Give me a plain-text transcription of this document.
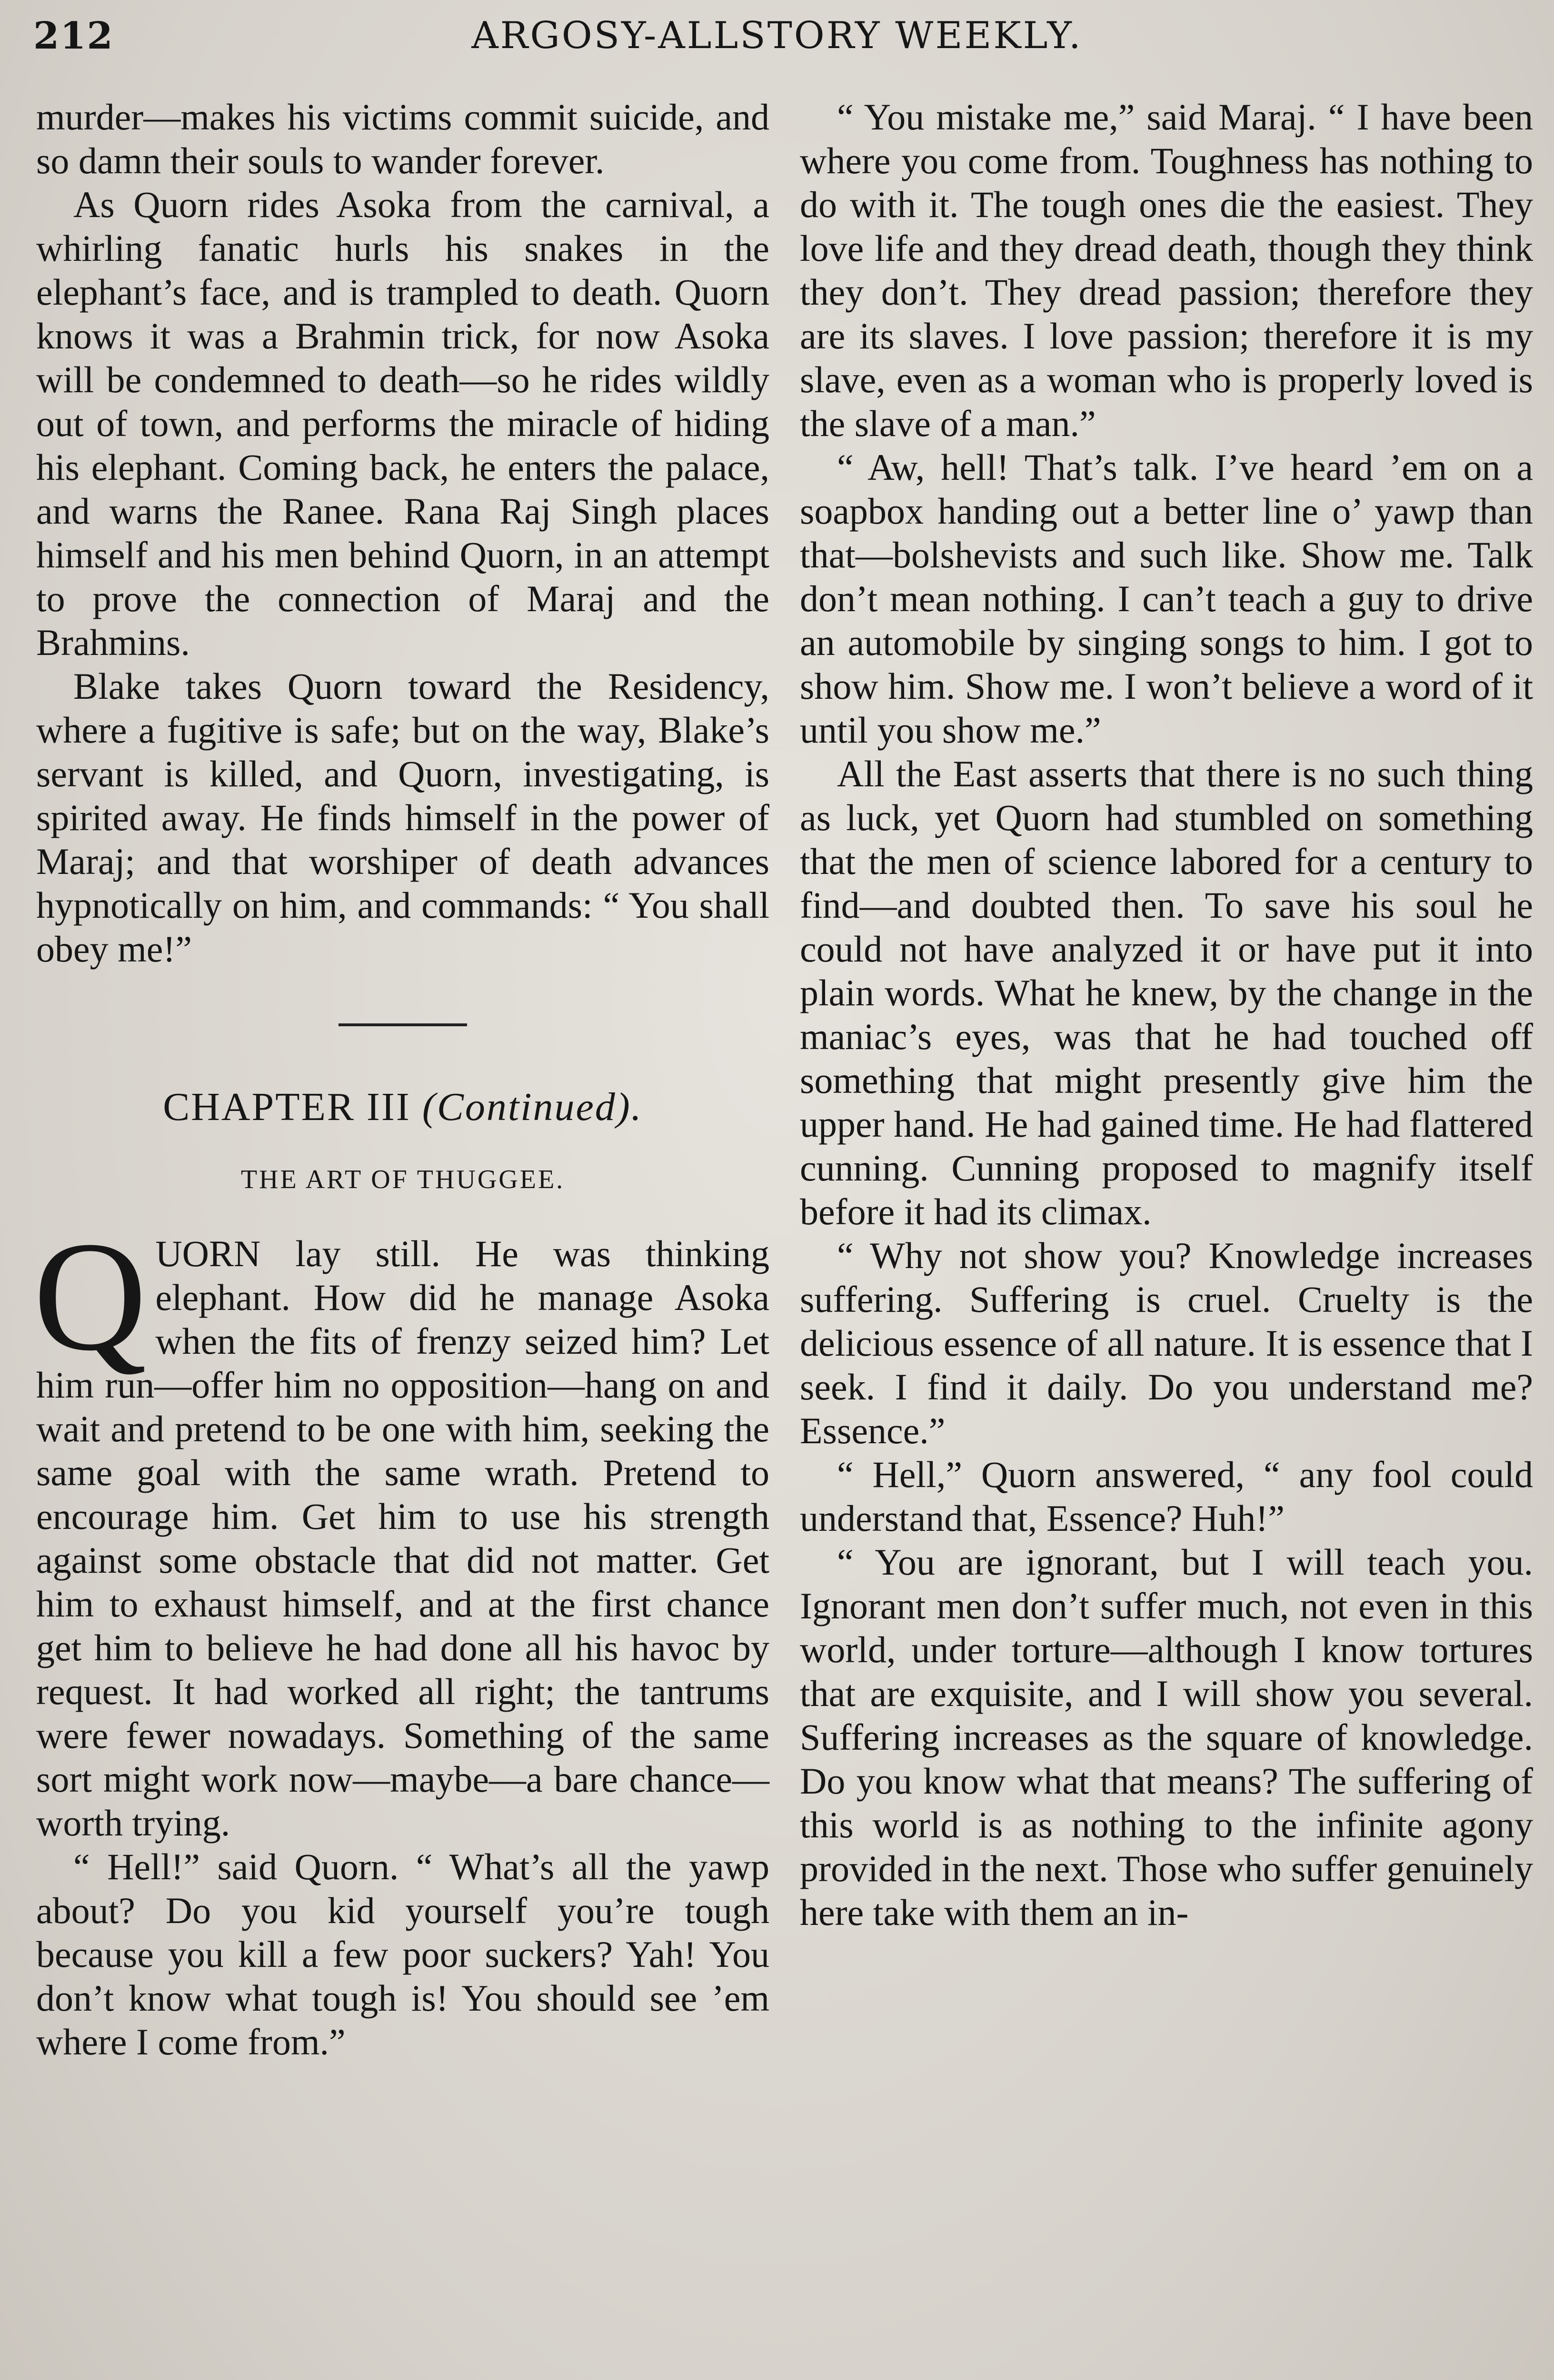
212	ARGOSY-ALLSTORY WEEKLY.

murder—makes his victims commit suicide, and so damn their souls to wander forever.

As Quorn rides Asoka from the carnival, a whirling fanatic hurls his snakes in the elephant’s face, and is trampled to death. Quorn knows it was a Brahmin trick, for now Asoka will be condemned to death—so he rides wildly out of town, and performs the miracle of hiding his elephant. Coming back, he enters the palace, and warns the Ranee. Rana Raj Singh places himself and his men behind Quorn, in an attempt to prove the connection of Maraj and the Brahmins.

Blake takes Quorn toward the Residency, where a fugitive is safe; but on the way, Blake’s servant is killed, and Quorn, investigating, is spirited away. He finds himself in the power of Maraj; and that worshiper of death advances hypnotically on him, and commands: “ You shall obey me!”

CHAPTER III (Continued).
THE ART OF THUGGEE.
Q UORN lay still. He was thinking elephant. How did he manage Asoka when the fits of frenzy seized him? Let him run—offer him no opposition—hang on and wait and pretend to be one with him, seeking the same goal with the same wrath. Pretend to encourage him. Get him to use his strength against some obstacle that did not matter. Get him to exhaust himself, and at the first chance get him to believe he had done all his havoc by request. It had worked all right; the tantrums were fewer nowadays. Something of the same sort might work now—maybe—a bare chance—worth trying.

“ Hell!” said Quorn. “ What’s all the yawp about? Do you kid yourself you’re tough because you kill a few poor suckers? Yah! You don’t know what tough is! You should see ’em where I come from.”

“ You mistake me,” said Maraj. “ I have been where you come from. Toughness has nothing to do with it. The tough ones die the easiest. They love life and they dread death, though they think they don’t. They dread passion; therefore they are its slaves. I love passion; therefore it is my slave, even as a woman who is properly loved is the slave of a man.”

“ Aw, hell! That’s talk. I’ve heard ’em on a soapbox handing out a better line o’ yawp than that—bolshevists and such like. Show me. Talk don’t mean nothing. I can’t teach a guy to drive an automobile by singing songs to him. I got to show him. Show me. I won’t believe a word of it until you show me.”

All the East asserts that there is no such thing as luck, yet Quorn had stumbled on something that the men of science labored for a century to find—and doubted then. To save his soul he could not have analyzed it or have put it into plain words. What he knew, by the change in the maniac’s eyes, was that he had touched off something that might presently give him the upper hand. He had gained time. He had flattered cunning. Cunning proposed to magnify itself before it had its climax.

“ Why not show you? Knowledge increases suffering. Suffering is cruel. Cruelty is the delicious essence of all nature. It is essence that I seek. I find it daily. Do you understand me? Essence.”

“ Hell,” Quorn answered, “ any fool could understand that, Essence? Huh!”

“ You are ignorant, but I will teach you. Ignorant men don’t suffer much, not even in this world, under torture—although I know tortures that are exquisite, and I will show you several. Suffering increases as the square of knowledge. Do you know what that means? The suffering of this world is as nothing to the infinite agony provided in the next. Those who suffer genuinely here take with them an in-
